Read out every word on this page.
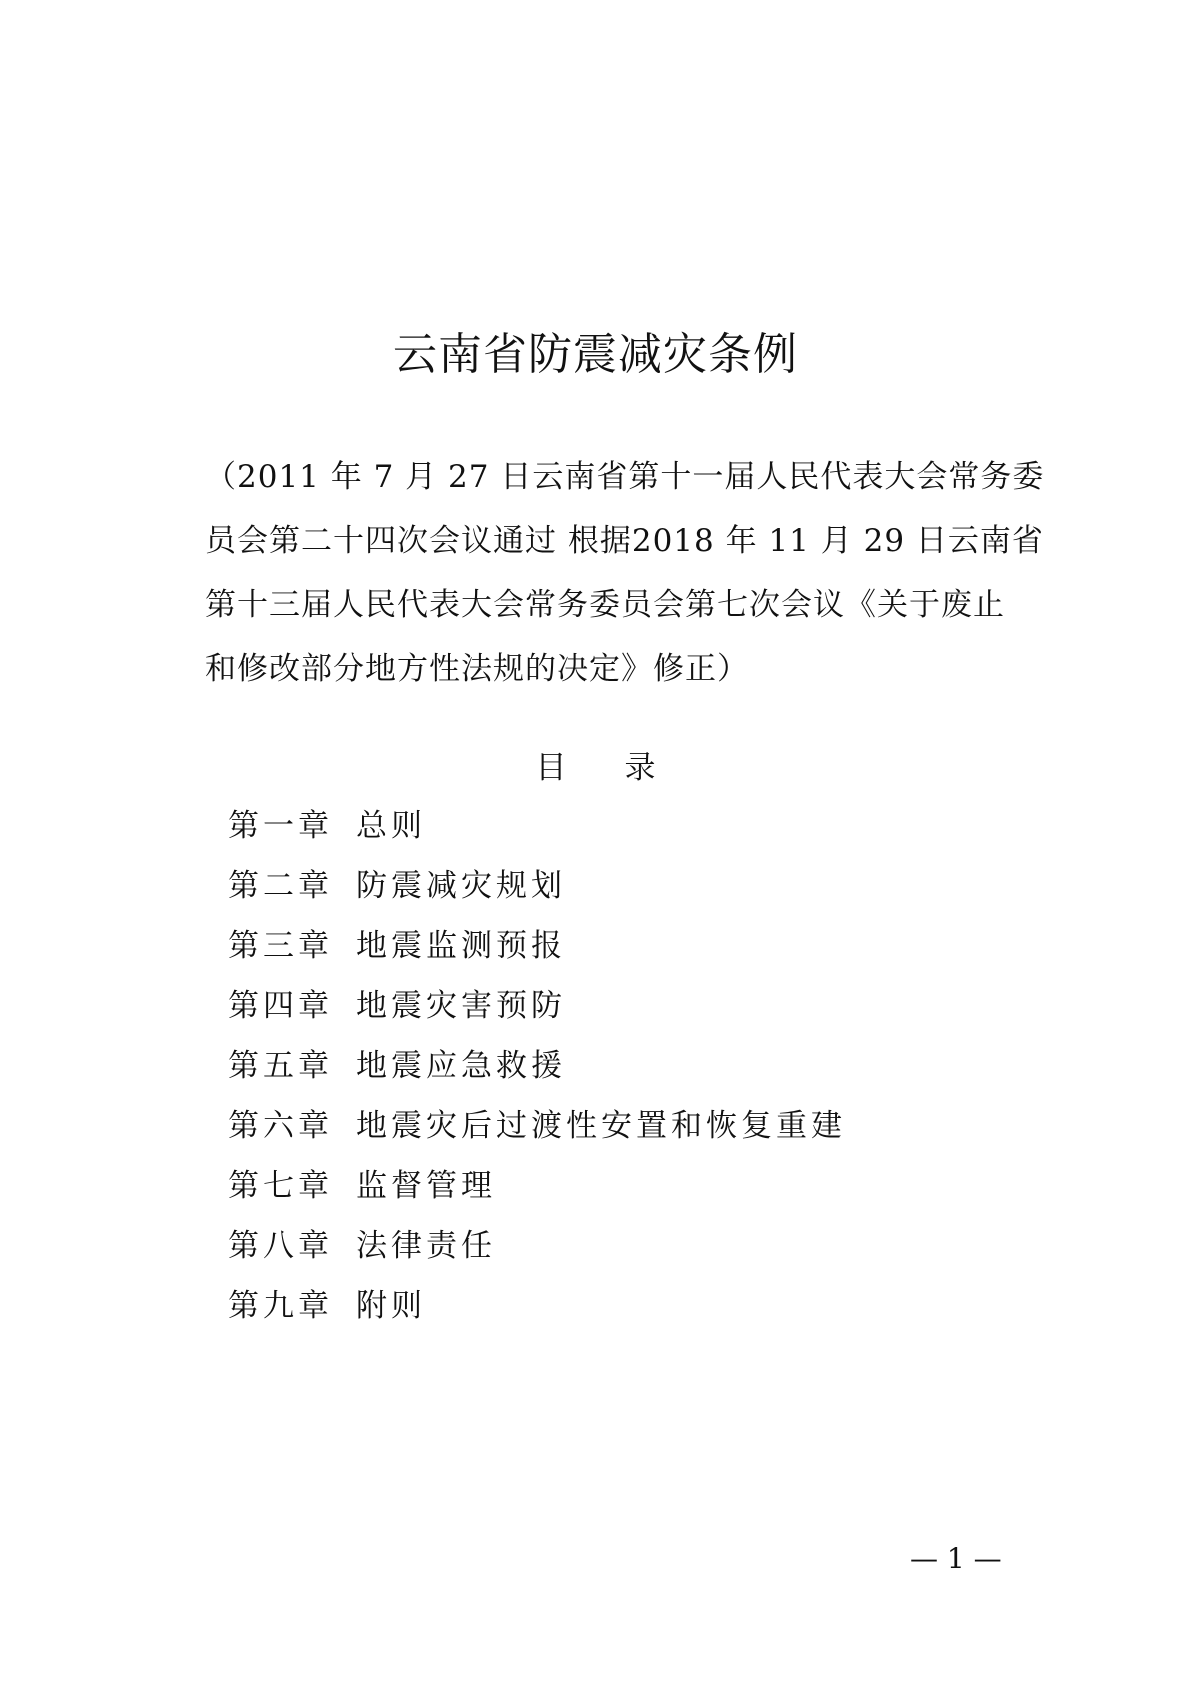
云南省防震减灾条例
（2011 年 7 月 27 日云南省第十一届人民代表大会常务委
员会第二十四次会议通过 根据2018 年 11 月 29 日云南省
第十三届人民代表大会常务委员会第七次会议《关于废止
和修改部分地方性法规的决定》修正）
目录
第一章 总则
第二章 防震减灾规划
第三章 地震监测预报
第四章 地震灾害预防
第五章 地震应急救援
第六章 地震灾后过渡性安置和恢复重建
第七章 监督管理
第八章 法律责任
第九章 附则
— 1 —
